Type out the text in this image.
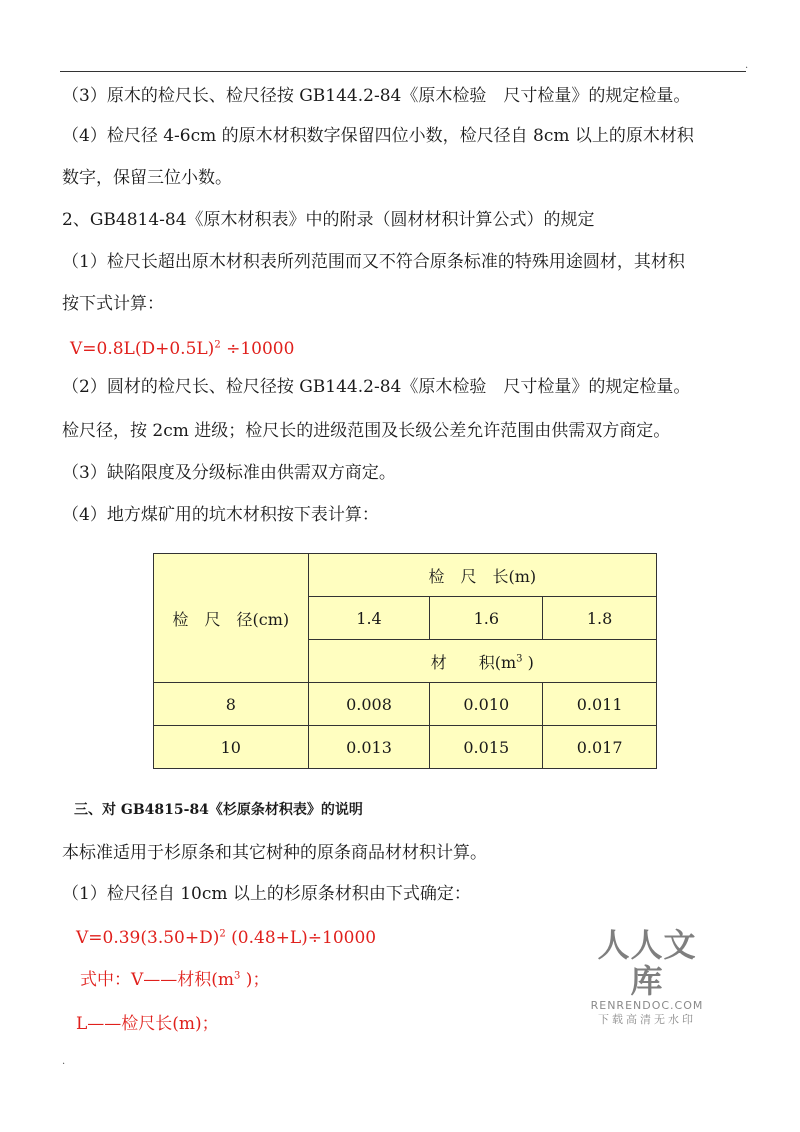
.
（3）原木的检尺长、检尺径按 GB144.2-84《原木检验　尺寸检量》的规定检量。
（4）检尺径 4-6cm 的原木材积数字保留四位小数，检尺径自 8cm 以上的原木材积
数字，保留三位小数。
2、GB4814-84《原木材积表》中的附录（圆材材积计算公式）的规定
（1）检尺长超出原木材积表所列范围而又不符合原条标准的特殊用途圆材，其材积
按下式计算：
$V=0.8L(D+0.5L)^2 \div 10000$
（2）圆材的检尺长、检尺径按 GB144.2-84《原木检验　尺寸检量》的规定检量。
检尺径，按 2cm 进级；检尺长的进级范围及长级公差允许范围由供需双方商定。
（3）缺陷限度及分级标准由供需双方商定。
（4）地方煤矿用的坑木材积按下表计算：
检　尺　径(cm)	检　尺　长(m)		
	1.4	1.6	1.8
	材　　积($m^3$ )		
8	0.008	0.010	0.011
10	0.013	0.015	0.017
三、对 GB4815-84《杉原条材积表》的说明
本标准适用于杉原条和其它树种的原条商品材材积计算。
（1）检尺径自 10cm 以上的杉原条材积由下式确定：
$V=0.39(3.50+D)^2$ (0.48+L)÷10000
式中：V——材积($m^3$ )；
L——检尺长(m)；
人人文库
RENRENDOC.COM
下载高清无水印
.
